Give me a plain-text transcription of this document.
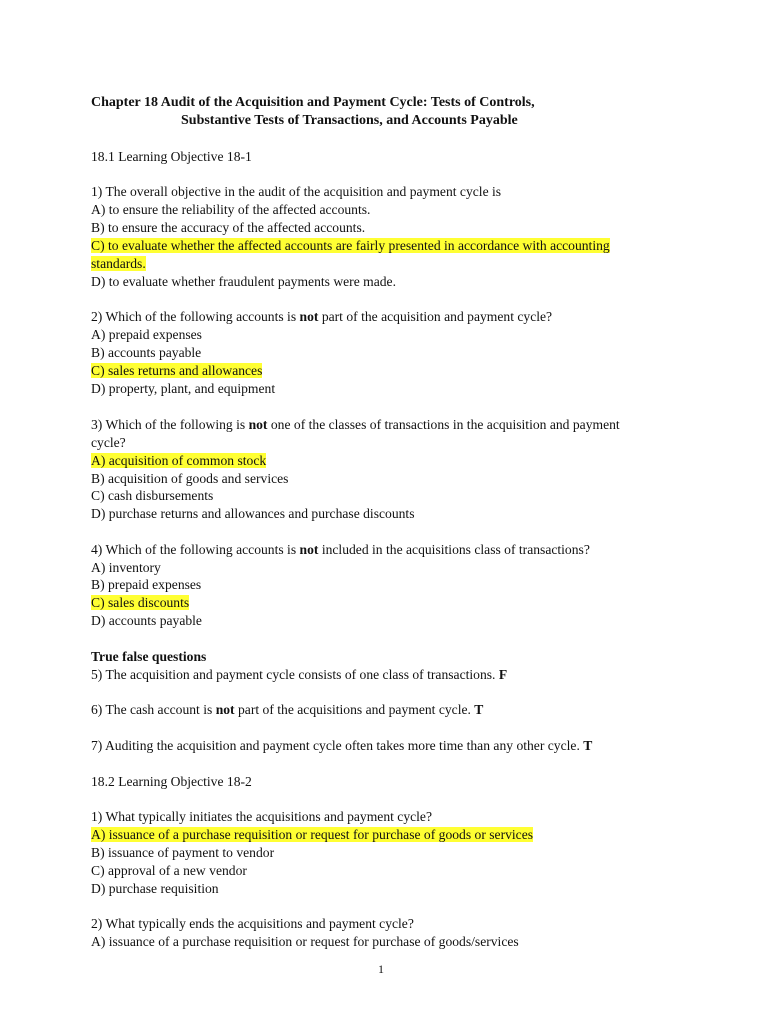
Chapter 18 Audit of the Acquisition and Payment Cycle: Tests of Controls,
Substantive Tests of Transactions, and Accounts Payable
18.1 Learning Objective 18-1
1) The overall objective in the audit of the acquisition and payment cycle is
A) to ensure the reliability of the affected accounts.
B) to ensure the accuracy of the affected accounts.
C) to evaluate whether the affected accounts are fairly presented in accordance with accounting
standards.
D) to evaluate whether fraudulent payments were made.
2) Which of the following accounts is not part of the acquisition and payment cycle?
A) prepaid expenses
B) accounts payable
C) sales returns and allowances
D) property, plant, and equipment
3) Which of the following is not one of the classes of transactions in the acquisition and payment
cycle?
A) acquisition of common stock
B) acquisition of goods and services
C) cash disbursements
D) purchase returns and allowances and purchase discounts
4) Which of the following accounts is not included in the acquisitions class of transactions?
A) inventory
B) prepaid expenses
C) sales discounts
D) accounts payable
True false questions
5) The acquisition and payment cycle consists of one class of transactions. F
6) The cash account is not part of the acquisitions and payment cycle. T
7) Auditing the acquisition and payment cycle often takes more time than any other cycle. T
18.2 Learning Objective 18-2
1) What typically initiates the acquisitions and payment cycle?
A) issuance of a purchase requisition or request for purchase of goods or services
B) issuance of payment to vendor
C) approval of a new vendor
D) purchase requisition
2) What typically ends the acquisitions and payment cycle?
A) issuance of a purchase requisition or request for purchase of goods/services
1
